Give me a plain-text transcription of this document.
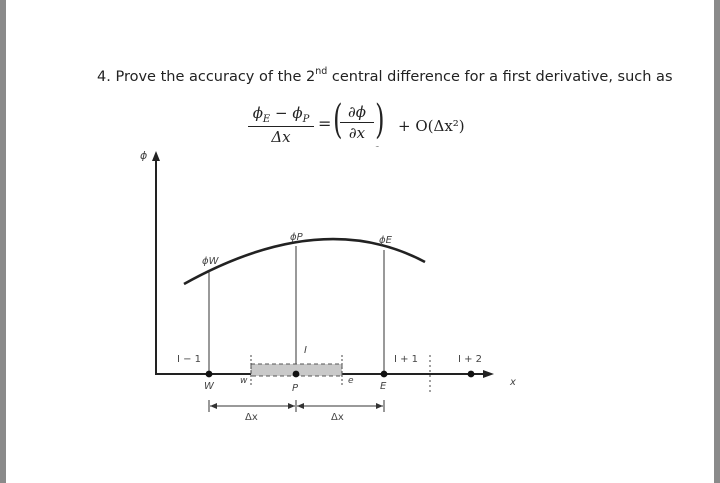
4. Prove the accuracy of the 2nd central difference for a first derivative, such as
$\phi_E - \phi_P$
Δx
= ( ∂ϕ
∂x ) + O(Δx²)
ϕ
x
ϕW
ϕP	ϕE
I − 1
I
I + 1	I + 2
W	P	E
w	e
Δx	Δx
